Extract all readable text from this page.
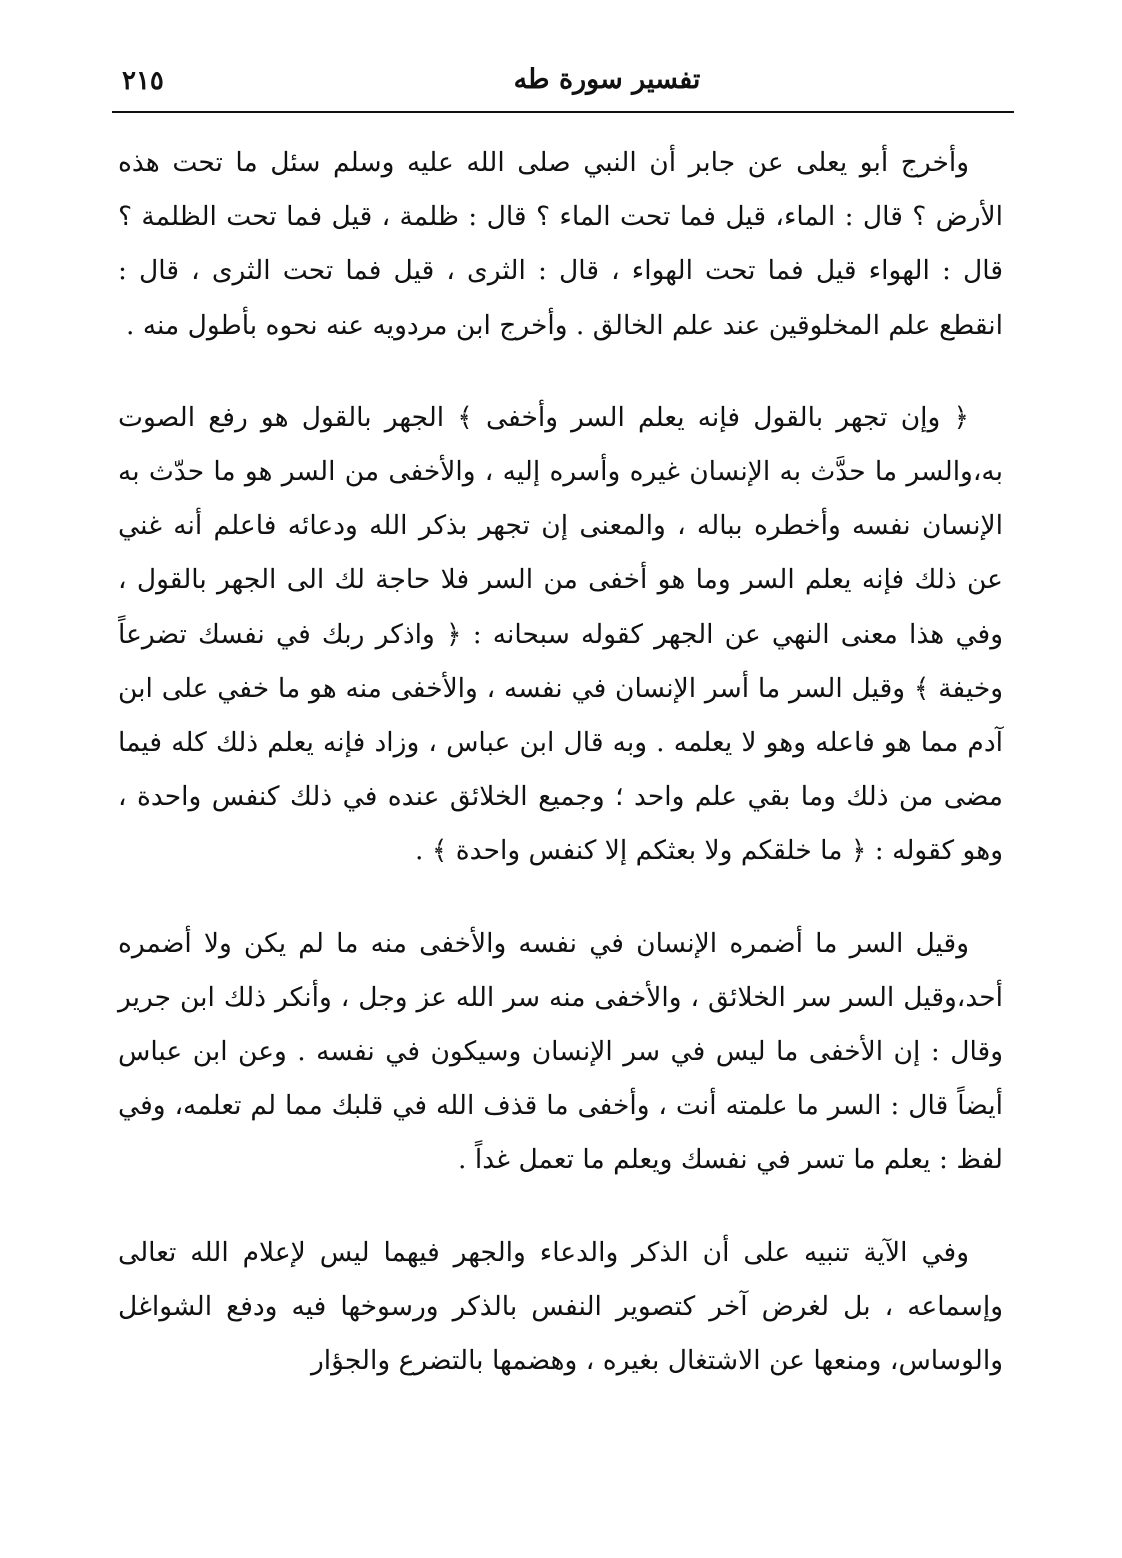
تفسير سورة طه
٢١٥

وأخرج أبو يعلى عن جابر أن النبي صلى الله عليه وسلم سئل ما تحت هذه الأرض ؟ قال : الماء، قيل فما تحت الماء ؟ قال : ظلمة ، قيل فما تحت الظلمة ؟ قال : الهواء قيل فما تحت الهواء ، قال : الثرى ، قيل فما تحت الثرى ، قال : انقطع علم المخلوقين عند علم الخالق . وأخرج ابن مردويه عنه نحوه بأطول منه .

﴿ وإن تجهر بالقول فإنه يعلم السر وأخفى ﴾ الجهر بالقول هو رفع الصوت به،والسر ما حدَّث به الإنسان غيره وأسره إليه ، والأخفى من السر هو ما حدّث به الإنسان نفسه وأخطره بباله ، والمعنى إن تجهر بذكر الله ودعائه فاعلم أنه غني عن ذلك فإنه يعلم السر وما هو أخفى من السر فلا حاجة لك الى الجهر بالقول ، وفي هذا معنى النهي عن الجهر كقوله سبحانه : ﴿ واذكر ربك في نفسك تضرعاً وخيفة ﴾ وقيل السر ما أسر الإنسان في نفسه ، والأخفى منه هو ما خفي على ابن آدم مما هو فاعله وهو لا يعلمه . وبه قال ابن عباس ، وزاد فإنه يعلم ذلك كله فيما مضى من ذلك وما بقي علم واحد ؛ وجميع الخلائق عنده في ذلك كنفس واحدة ، وهو كقوله : ﴿ ما خلقكم ولا بعثكم إلا كنفس واحدة ﴾ .

وقيل السر ما أضمره الإنسان في نفسه والأخفى منه ما لم يكن ولا أضمره أحد،وقيل السر سر الخلائق ، والأخفى منه سر الله عز وجل ، وأنكر ذلك ابن جرير وقال : إن الأخفى ما ليس في سر الإنسان وسيكون في نفسه . وعن ابن عباس أيضاً قال : السر ما علمته أنت ، وأخفى ما قذف الله في قلبك مما لم تعلمه، وفي لفظ : يعلم ما تسر في نفسك ويعلم ما تعمل غداً .

وفي الآية تنبيه على أن الذكر والدعاء والجهر فيهما ليس لإعلام الله تعالى وإسماعه ، بل لغرض آخر كتصوير النفس بالذكر ورسوخها فيه ودفع الشواغل والوساس، ومنعها عن الاشتغال بغيره ، وهضمها بالتضرع والجؤار
